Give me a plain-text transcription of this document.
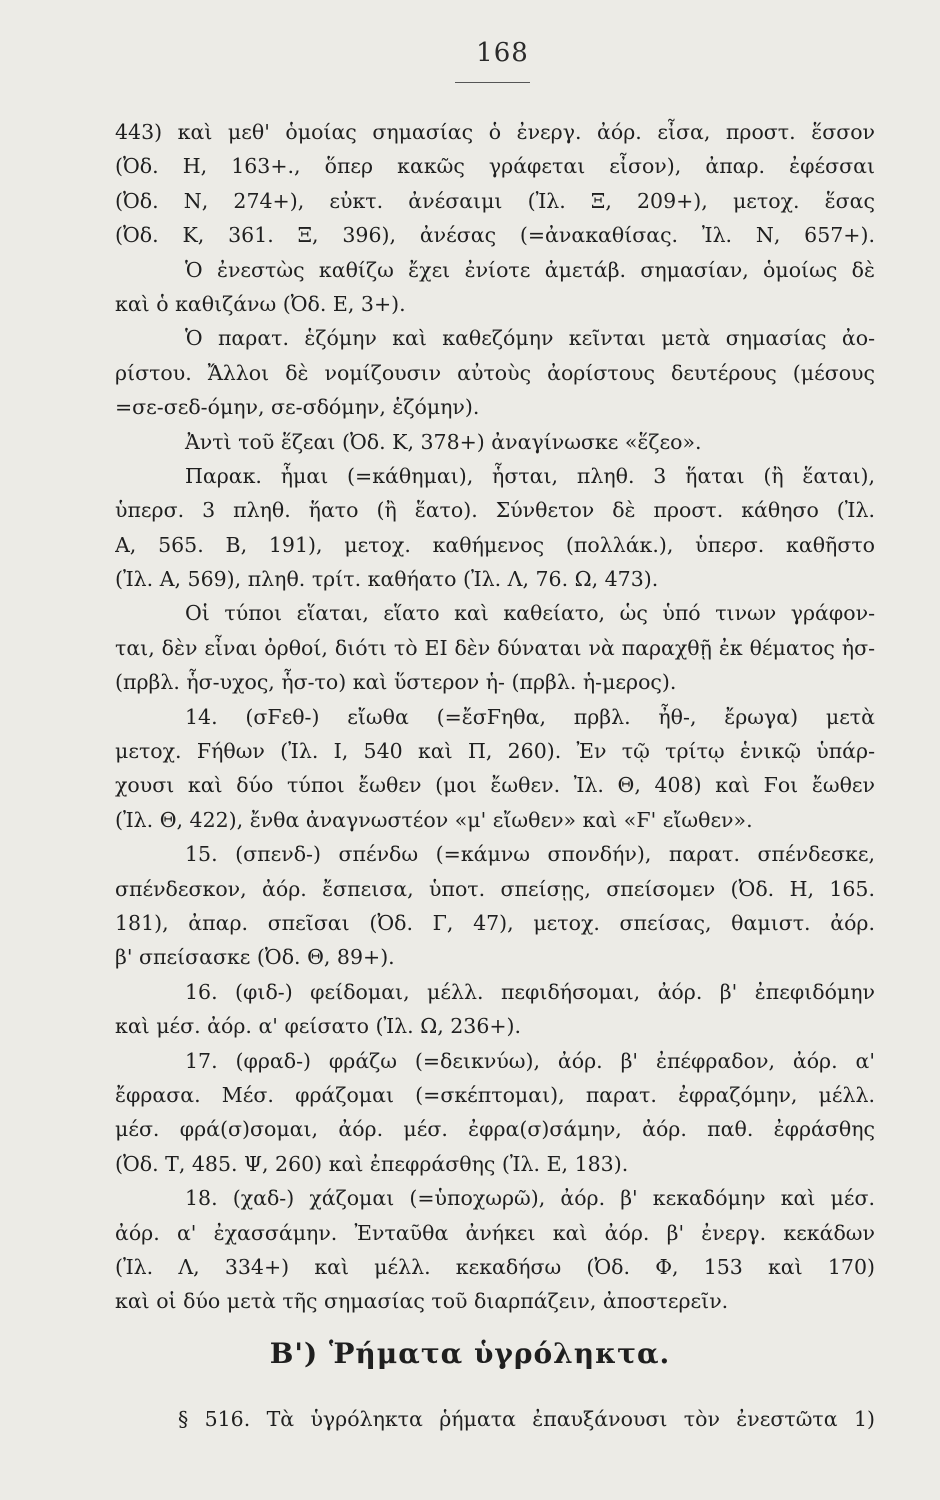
168
443) καὶ μεθ' ὁμοίας σημασίας ὁ ἐνεργ. ἀόρ. εἶσα, προστ. ἕσσον
(Ὀδ. Η, 163+., ὅπερ κακῶς γράφεται εἶσον), ἀπαρ. ἐφέσσαι
(Ὀδ. Ν, 274+), εὐκτ. ἀνέσαιμι (Ἰλ. Ξ, 209+), μετοχ. ἕσας
(Ὀδ. Κ, 361. Ξ, 396), ἀνέσας (=ἀνακαθίσας. Ἰλ. Ν, 657+).
Ὁ ἐνεστὼς καθίζω ἔχει ἐνίοτε ἀμετάβ. σημασίαν, ὁμοίως δὲ
καὶ ὁ καθιζάνω (Ὀδ. Ε, 3+).
Ὁ παρατ. ἑζόμην καὶ καθεζόμην κεῖνται μετὰ σημασίας ἀο-
ρίστου. Ἄλλοι δὲ νομίζουσιν αὐτοὺς ἀορίστους δευτέρους (μέσους
=σε-σεδ-όμην, σε-σδόμην, ἑζόμην).
Ἀντὶ τοῦ ἕζεαι (Ὀδ. Κ, 378+) ἀναγίνωσκε «ἕζεο».
Παρακ. ἧμαι (=κάθημαι), ἧσται, πληθ. 3 ἥαται (ἢ ἕαται),
ὑπερσ. 3 πληθ. ἥατο (ἢ ἕατο). Σύνθετον δὲ προστ. κάθησο (Ἰλ.
Α, 565. Β, 191), μετοχ. καθήμενος (πολλάκ.), ὑπερσ. καθῆστο
(Ἰλ. Α, 569), πληθ. τρίτ. καθήατο (Ἰλ. Λ, 76. Ω, 473).
Οἱ τύποι εἵαται, εἵατο καὶ καθείατο, ὡς ὑπό τινων γράφον-
ται, δὲν εἶναι ὀρθοί, διότι τὸ ΕΙ δὲν δύναται νὰ παραχθῇ ἐκ θέματος ἡσ-
(πρβλ. ἧσ-υχος, ἧσ-το) καὶ ὕστερον ἡ- (πρβλ. ἡ-μερος).
14. (σϜεθ-) εἴωθα (=ἔσϜηθα, πρβλ. ἦθ-, ἔρωγα) μετὰ
μετοχ. Ϝήθων (Ἰλ. Ι, 540 καὶ Π, 260). Ἐν τῷ τρίτῳ ἑνικῷ ὑπάρ-
χουσι καὶ δύο τύποι ἔωθεν (μοι ἔωθεν. Ἰλ. Θ, 408) καὶ Ϝοι ἔωθεν
(Ἰλ. Θ, 422), ἔνθα ἀναγνωστέον «μ' εἴωθεν» καὶ «Ϝ' εἴωθεν».
15. (σπενδ-) σπένδω (=κάμνω σπονδήν), παρατ. σπένδεσκε,
σπένδεσκον, ἀόρ. ἔσπεισα, ὑποτ. σπείσῃς, σπείσομεν (Ὀδ. Η, 165.
181), ἀπαρ. σπεῖσαι (Ὀδ. Γ, 47), μετοχ. σπείσας, θαμιστ. ἀόρ.
β' σπείσασκε (Ὀδ. Θ, 89+).
16. (φιδ-) φείδομαι, μέλλ. πεφιδήσομαι, ἀόρ. β' ἐπεφιδόμην
καὶ μέσ. ἀόρ. α' φείσατο (Ἰλ. Ω, 236+).
17. (φραδ-) φράζω (=δεικνύω), ἀόρ. β' ἐπέφραδον, ἀόρ. α'
ἔφρασα. Μέσ. φράζομαι (=σκέπτομαι), παρατ. ἐφραζόμην, μέλλ.
μέσ. φρά(σ)σομαι, ἀόρ. μέσ. ἐφρα(σ)σάμην, ἀόρ. παθ. ἐφράσθης
(Ὀδ. Τ, 485. Ψ, 260) καὶ ἐπεφράσθης (Ἰλ. Ε, 183).
18. (χαδ-) χάζομαι (=ὑποχωρῶ), ἀόρ. β' κεκαδόμην καὶ μέσ.
ἀόρ. α' ἐχασσάμην. Ἐνταῦθα ἀνήκει καὶ ἀόρ. β' ἐνεργ. κεκάδων
(Ἰλ. Λ, 334+) καὶ μέλλ. κεκαδήσω (Ὀδ. Φ, 153 καὶ 170)
καὶ οἱ δύο μετὰ τῆς σημασίας τοῦ διαρπάζειν, ἀποστερεῖν.
Β') Ῥήματα ὑγρόληκτα.
§ 516. Τὰ ὑγρόληκτα ῥήματα ἐπαυξάνουσι τὸν ἐνεστῶτα 1)
